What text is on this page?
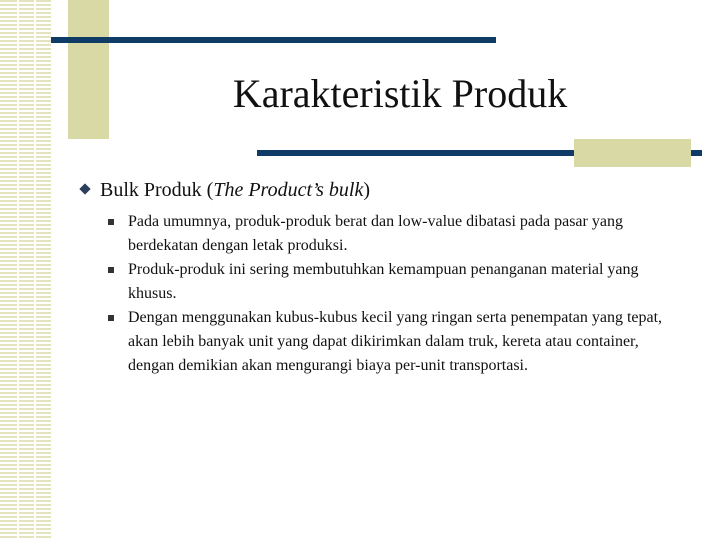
Karakteristik Produk
Bulk Produk (The Product’s bulk)
Pada umumnya, produk-produk berat dan low-value dibatasi pada pasar yang berdekatan dengan letak produksi.
Produk-produk ini sering membutuhkan kemampuan penanganan material yang khusus.
Dengan menggunakan kubus-kubus kecil yang ringan serta penempatan yang tepat, akan lebih banyak unit yang dapat dikirimkan dalam truk, kereta atau container, dengan demikian akan mengurangi biaya per-unit transportasi.
